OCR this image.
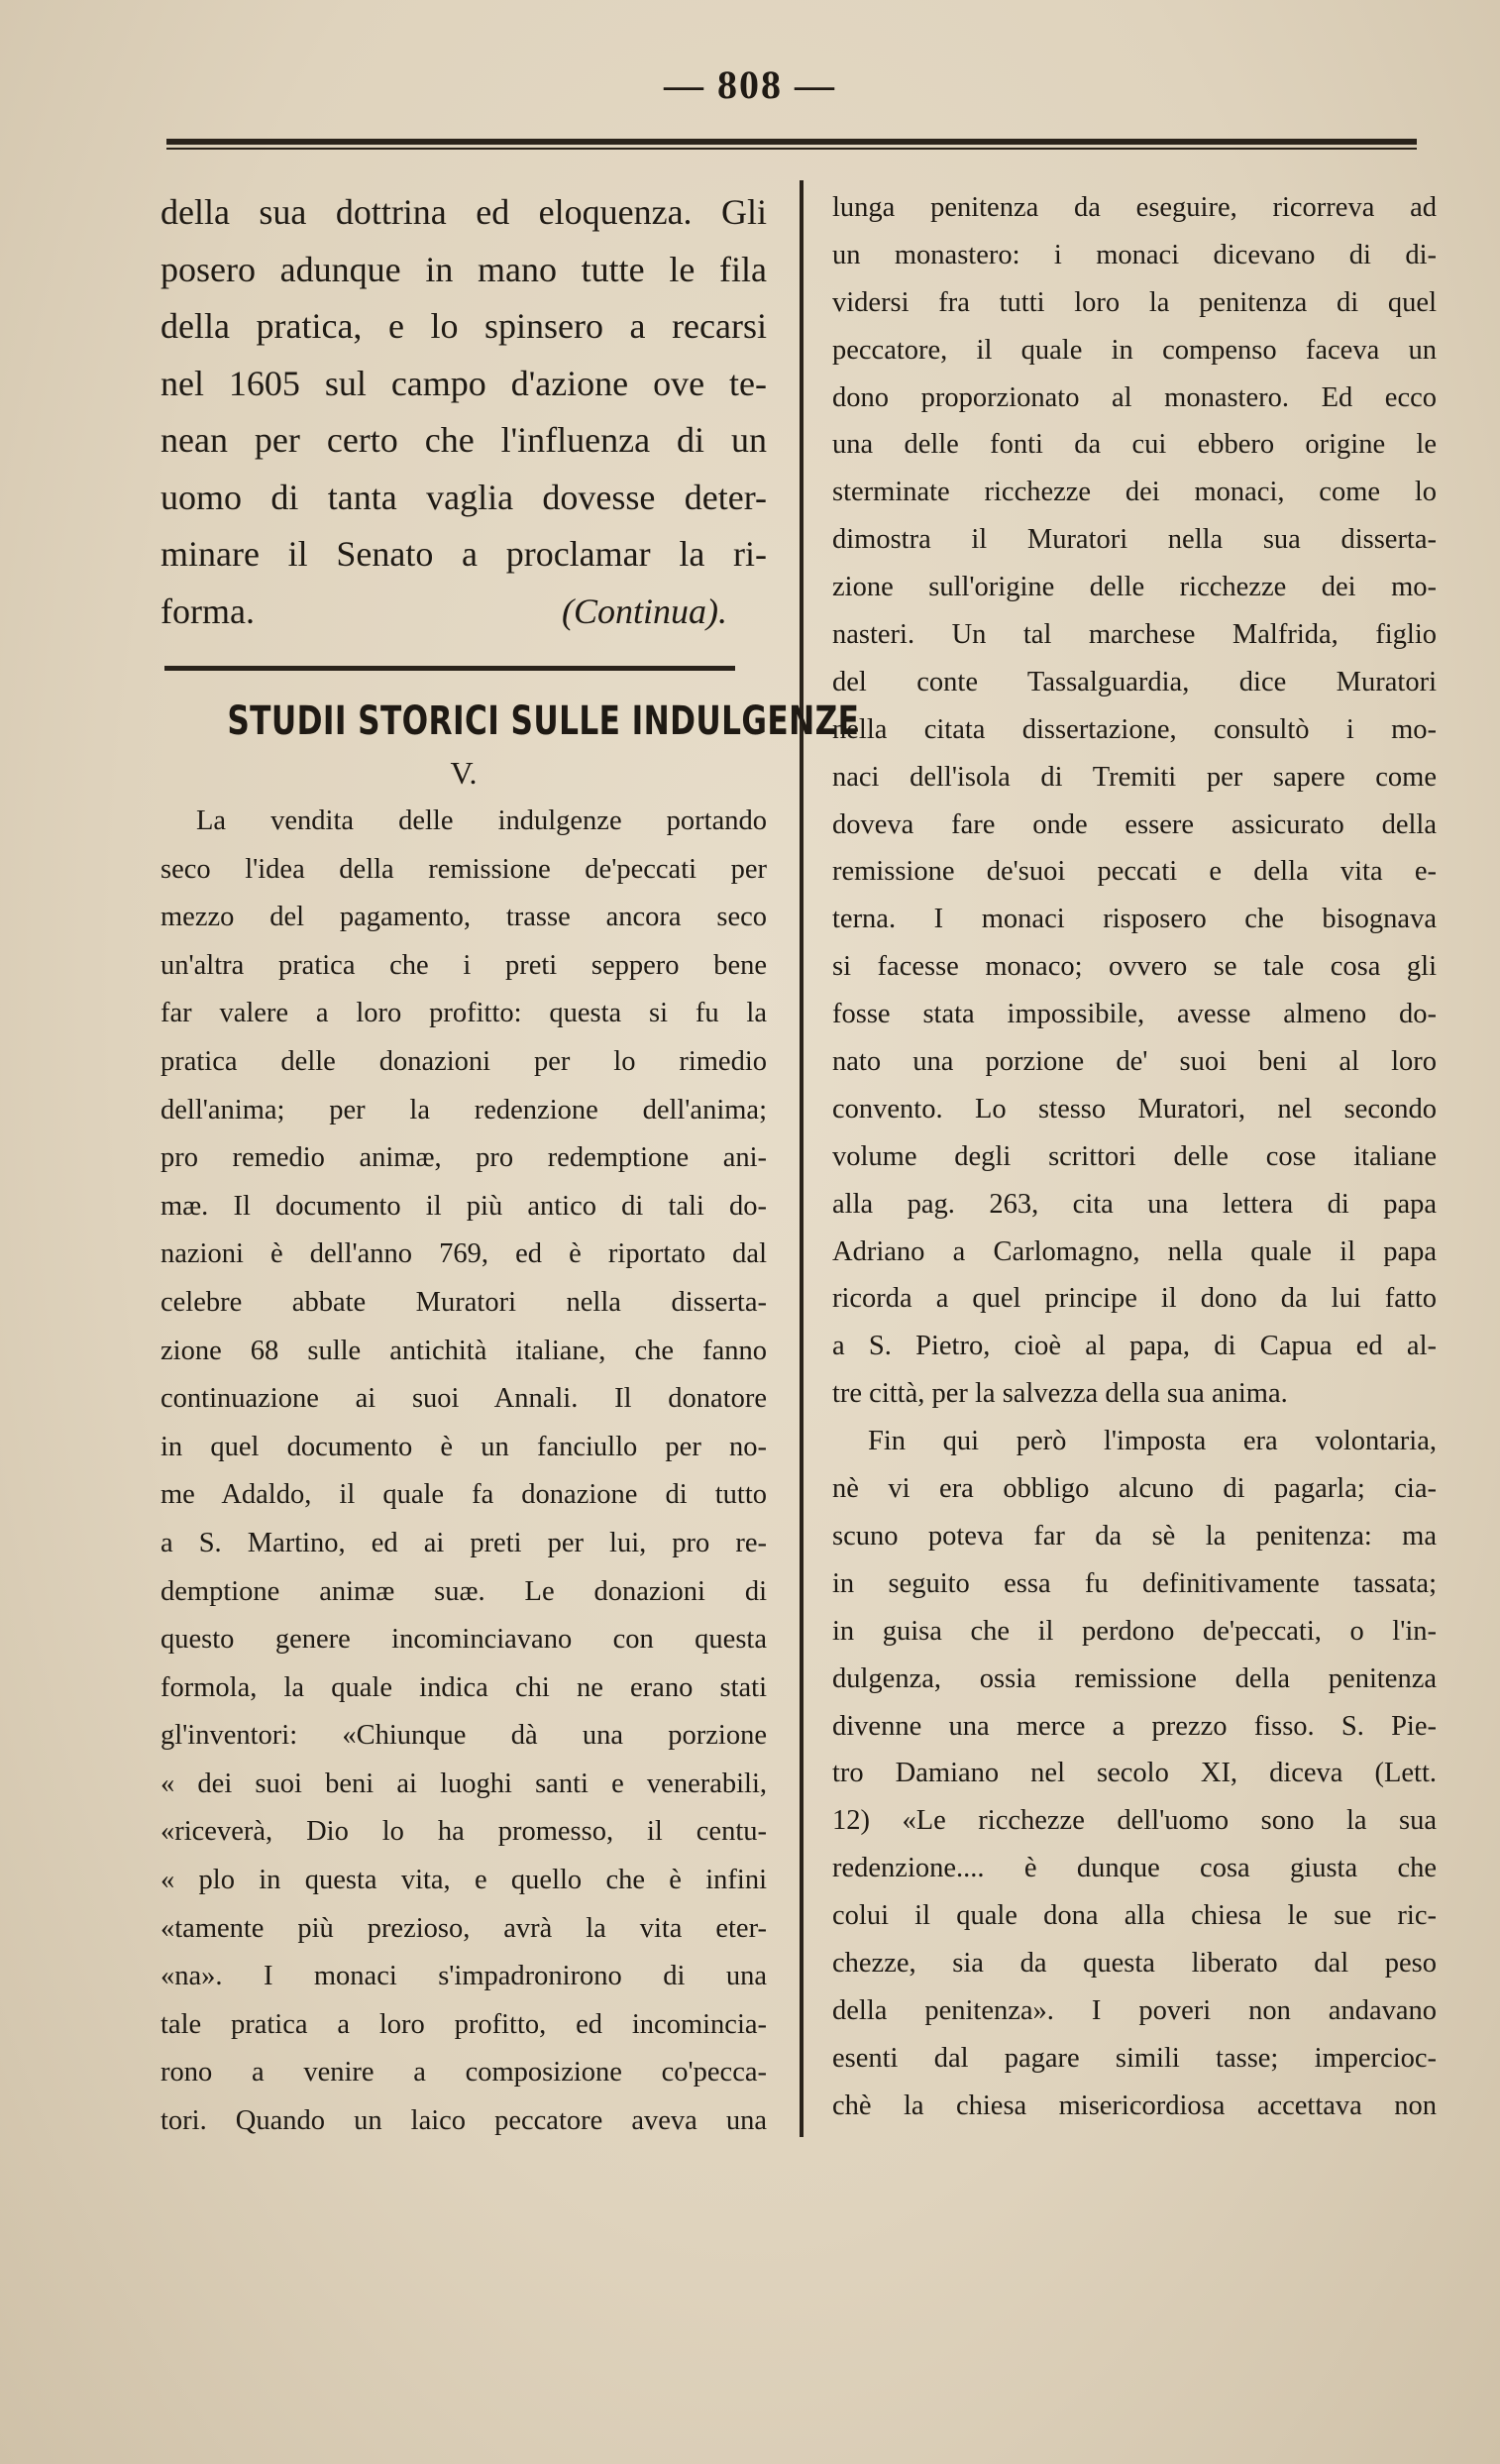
— 808 —
della sua dottrina ed eloquenza. Gli
posero adunque in mano tutte le fila
della pratica, e lo spinsero a recarsi
nel 1605 sul campo d'azione ove te-
nean per certo che l'influenza di un
uomo di tanta vaglia dovesse deter-
minare il Senato a proclamar la ri-
forma.	(Continua).
STUDII STORICI SULLE INDULGENZE
V.
La vendita delle indulgenze portando
seco l'idea della remissione de'peccati per
mezzo del pagamento, trasse ancora seco
un'altra pratica che i preti seppero bene
far valere a loro profitto: questa si fu la
pratica delle donazioni per lo rimedio
dell'anima; per la redenzione dell'anima;
pro remedio animæ, pro redemptione ani-
mæ. Il documento il più antico di tali do-
nazioni è dell'anno 769, ed è riportato dal
celebre abbate Muratori nella disserta-
zione 68 sulle antichità italiane, che fanno
continuazione ai suoi Annali. Il donatore
in quel documento è un fanciullo per no-
me Adaldo, il quale fa donazione di tutto
a S. Martino, ed ai preti per lui, pro re-
demptione animæ suæ. Le donazioni di
questo genere incominciavano con questa
formola, la quale indica chi ne erano stati
gl'inventori: «Chiunque dà una porzione
« dei suoi beni ai luoghi santi e venerabili,
«riceverà, Dio lo ha promesso, il centu-
« plo in questa vita, e quello che è infini
«tamente più prezioso, avrà la vita eter-
«na». I monaci s'impadronirono di una
tale pratica a loro profitto, ed incomincia-
rono a venire a composizione co'pecca-
tori. Quando un laico peccatore aveva una
lunga penitenza da eseguire, ricorreva ad
un monastero: i monaci dicevano di di-
vidersi fra tutti loro la penitenza di quel
peccatore, il quale in compenso faceva un
dono proporzionato al monastero. Ed ecco
una delle fonti da cui ebbero origine le
sterminate ricchezze dei monaci, come lo
dimostra il Muratori nella sua disserta-
zione sull'origine delle ricchezze dei mo-
nasteri. Un tal marchese Malfrida, figlio
del conte Tassalguardia, dice Muratori
nella citata dissertazione, consultò i mo-
naci dell'isola di Tremiti per sapere come
doveva fare onde essere assicurato della
remissione de'suoi peccati e della vita e-
terna. I monaci risposero che bisognava
si facesse monaco; ovvero se tale cosa gli
fosse stata impossibile, avesse almeno do-
nato una porzione de' suoi beni al loro
convento. Lo stesso Muratori, nel secondo
volume degli scrittori delle cose italiane
alla pag. 263, cita una lettera di papa
Adriano a Carlomagno, nella quale il papa
ricorda a quel principe il dono da lui fatto
a S. Pietro, cioè al papa, di Capua ed al-
tre città, per la salvezza della sua anima.
Fin qui però l'imposta era volontaria,
nè vi era obbligo alcuno di pagarla; cia-
scuno poteva far da sè la penitenza: ma
in seguito essa fu definitivamente tassata;
in guisa che il perdono de'peccati, o l'in-
dulgenza, ossia remissione della penitenza
divenne una merce a prezzo fisso. S. Pie-
tro Damiano nel secolo XI, diceva (Lett.
12) «Le ricchezze dell'uomo sono la sua
redenzione.... è dunque cosa giusta che
colui il quale dona alla chiesa le sue ric-
chezze, sia da questa liberato dal peso
della penitenza». I poveri non andavano
esenti dal pagare simili tasse; impercioc-
chè la chiesa misericordiosa accettava non
